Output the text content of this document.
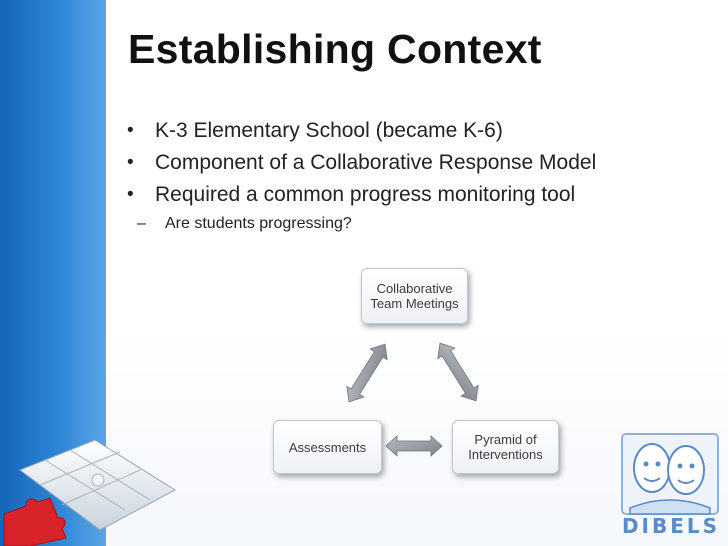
Establishing Context
• K-3 Elementary School (became K-6)
• Component of a Collaborative Response Model
• Required a common progress monitoring tool
– Are students progressing?
Collaborative
Team Meetings
Assessments	Pyramid of
Interventions
DIBELS
